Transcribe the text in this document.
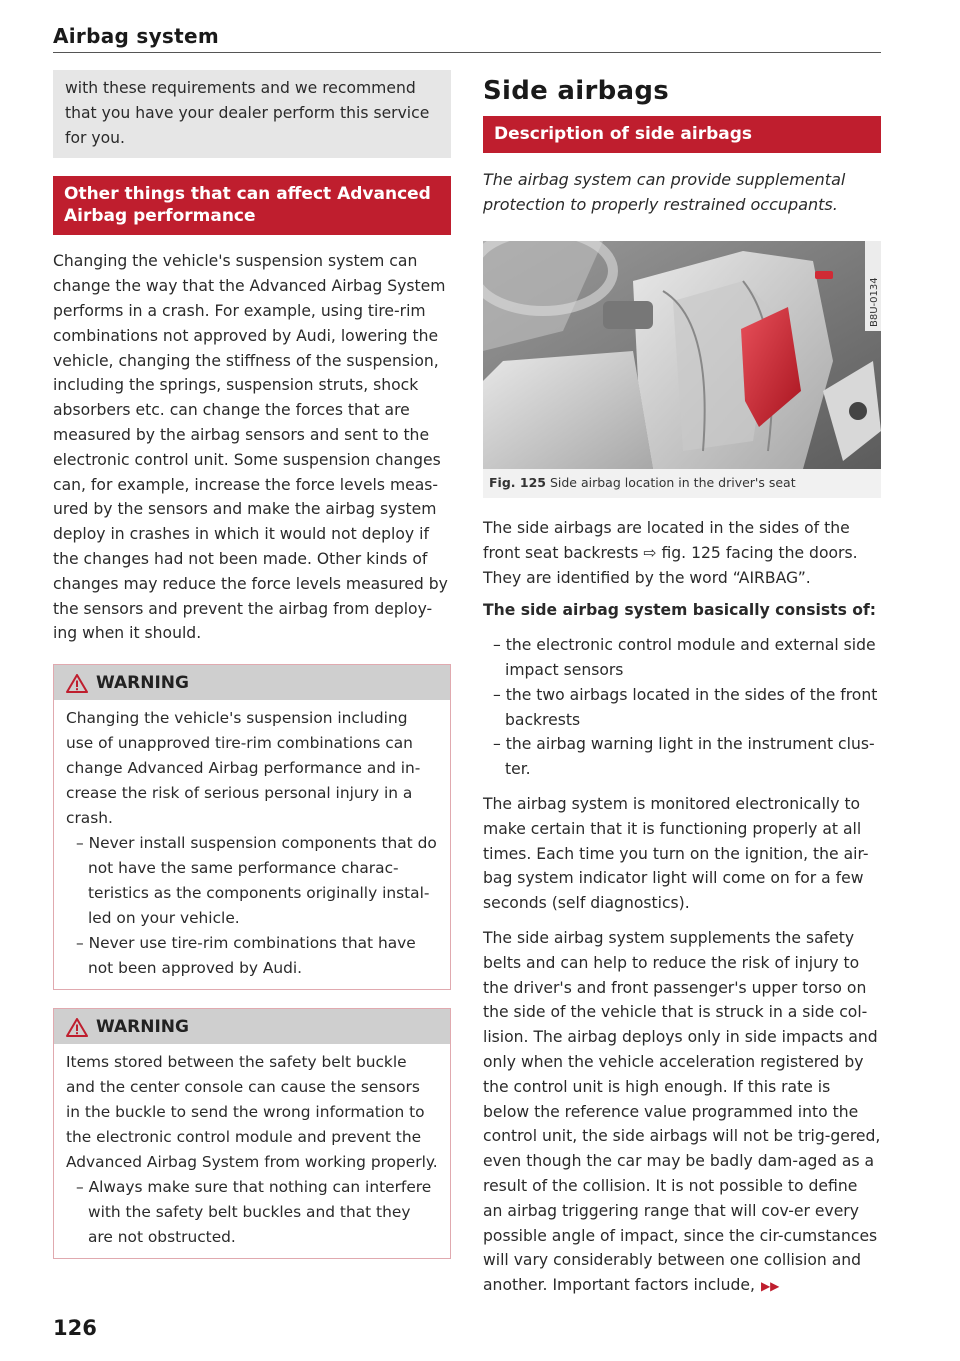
Airbag system

with these requirements and we recommend that you have your dealer perform this service for you.

Other things that can affect Advanced Airbag performance

Changing the vehicle's suspension system can change the way that the Advanced Airbag System performs in a crash. For example, using tire-rim combinations not approved by Audi, lowering the vehicle, changing the stiffness of the suspension, including the springs, suspension struts, shock absorbers etc. can change the forces that are measured by the airbag sensors and sent to the electronic control unit. Some suspension changes can, for example, increase the force levels meas-ured by the sensors and make the airbag system deploy in crashes in which it would not deploy if the changes had not been made. Other kinds of changes may reduce the force levels measured by the sensors and prevent the airbag from deploy-ing when it should.

WARNING

Changing the vehicle's suspension including use of unapproved tire-rim combinations can change Advanced Airbag performance and in-crease the risk of serious personal injury in a crash.

– Never install suspension components that do not have the same performance charac-teristics as the components originally instal-led on your vehicle.

– Never use tire-rim combinations that have not been approved by Audi.

WARNING

Items stored between the safety belt buckle and the center console can cause the sensors in the buckle to send the wrong information to the electronic control module and prevent the Advanced Airbag System from working properly.

– Always make sure that nothing can interfere with the safety belt buckles and that they are not obstructed.

Side airbags
Description of side airbags

The airbag system can provide supplemental protection to properly restrained occupants.

B8U-0134
Fig. 125 Side airbag location in the driver's seat

The side airbags are located in the sides of the front seat backrests ⇨ fig. 125 facing the doors. They are identified by the word “AIRBAG”.

The side airbag system basically consists of:

– the electronic control module and external side impact sensors

– the two airbags located in the sides of the front backrests

– the airbag warning light in the instrument clus-ter.

The airbag system is monitored electronically to make certain that it is functioning properly at all times. Each time you turn on the ignition, the air-bag system indicator light will come on for a few seconds (self diagnostics).

The side airbag system supplements the safety belts and can help to reduce the risk of injury to the driver's and front passenger's upper torso on the side of the vehicle that is struck in a side col-lision. The airbag deploys only in side impacts and only when the vehicle acceleration registered by the control unit is high enough. If this rate is below the reference value programmed into the control unit, the side airbags will not be trig-gered, even though the car may be badly dam-aged as a result of the collision. It is not possible to define an airbag triggering range that will cov-er every possible angle of impact, since the cir-cumstances will vary considerably between one collision and another. Important factors include, ▶▶

126
